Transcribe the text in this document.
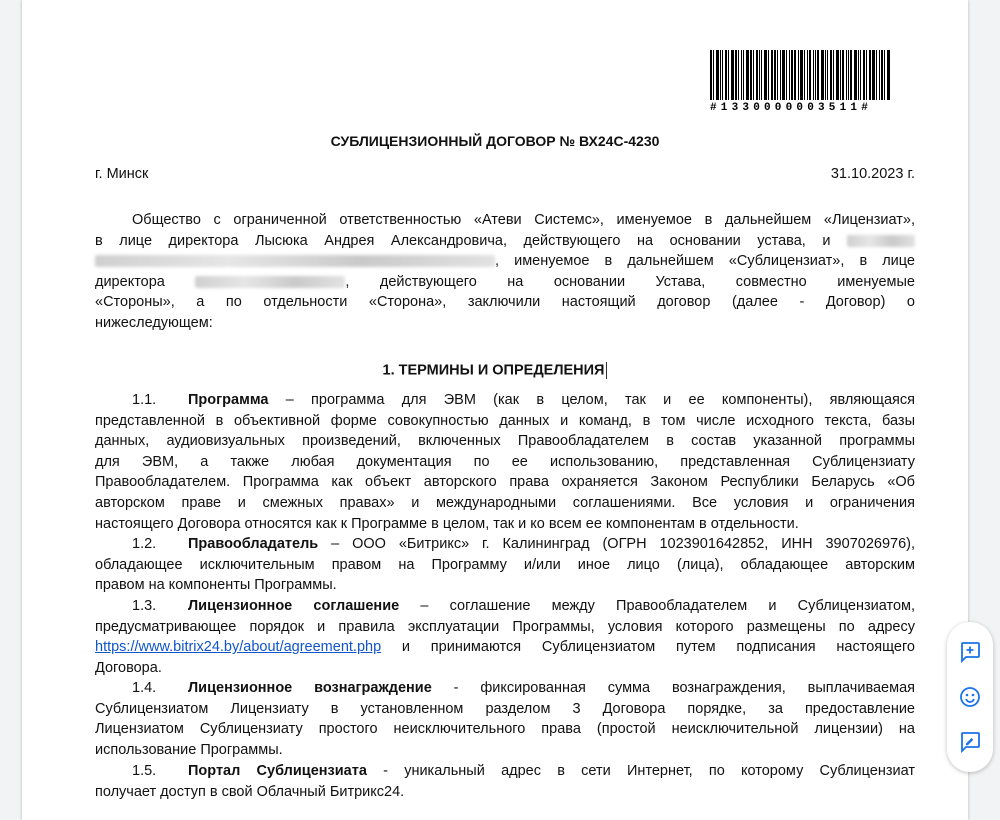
#1330000003511#
СУБЛИЦЕНЗИОННЫЙ ДОГОВОР № ВХ24С-4230
г. Минск	31.10.2023 г.
Общество с ограниченной ответственностью «Атеви Системс», именуемое в дальнейшем «Лицензиат»,
в лице директора Лысюка Андрея Александровича, действующего на основании устава, и
, именуемое в дальнейшем «Сублицензиат», в лице
директора	, действующего на основании Устава, совместно именуемые
«Стороны», а по отдельности «Сторона», заключили настоящий договор (далее - Договор) о
нижеследующем:
1. ТЕРМИНЫ И ОПРЕДЕЛЕНИЯ
1.1. Программа – программа для ЭВМ (как в целом, так и ее компоненты), являющаяся
представленной в объективной форме совокупностью данных и команд, в том числе исходного текста, базы
данных, аудиовизуальных произведений, включенных Правообладателем в состав указанной программы
для ЭВМ, а также любая документация по ее использованию, представленная Сублицензиату
Правообладателем. Программа как объект авторского права охраняется Законом Республики Беларусь «Об
авторском праве и смежных правах» и международными соглашениями. Все условия и ограничения
настоящего Договора относятся как к Программе в целом, так и ко всем ее компонентам в отдельности.
1.2. Правообладатель – ООО «Битрикс» г. Калининград (ОГРН 1023901642852, ИНН 3907026976),
обладающее исключительным правом на Программу и/или иное лицо (лица), обладающее авторским
правом на компоненты Программы.
1.3. Лицензионное соглашение – соглашение между Правообладателем и Сублицензиатом,
предусматривающее порядок и правила эксплуатации Программы, условия которого размещены по адресу
https://www.bitrix24.by/about/agreement.php и принимаются Сублицензиатом путем подписания настоящего
Договора.
1.4. Лицензионное вознаграждение - фиксированная сумма вознаграждения, выплачиваемая
Сублицензиатом Лицензиату в установленном разделом 3 Договора порядке, за предоставление
Лицензиатом Сублицензиату простого неисключительного права (простой неисключительной лицензии) на
использование Программы.
1.5. Портал Сублицензиата - уникальный адрес в сети Интернет, по которому Сублицензиат
получает доступ в свой Облачный Битрикс24.
